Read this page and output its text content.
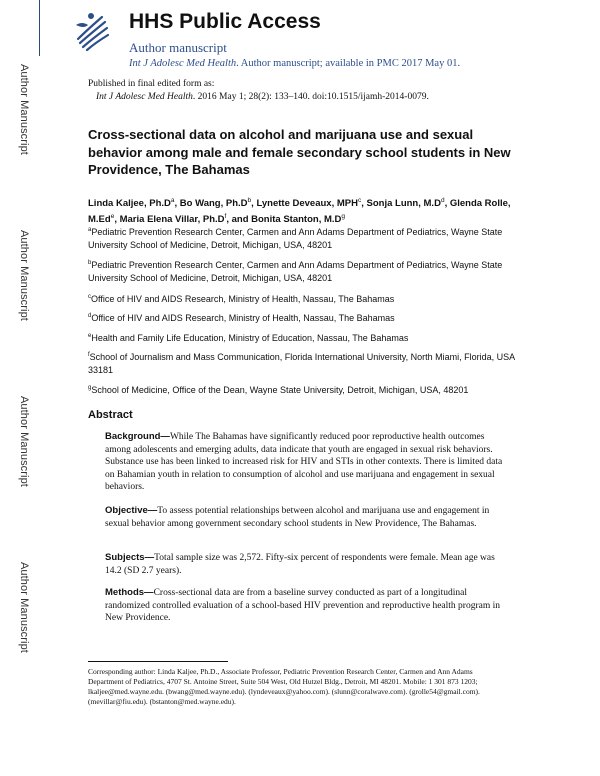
Author Manuscript
Author Manuscript
Author Manuscript
Author Manuscript
HHS Public Access
Author manuscript
Int J Adolesc Med Health. Author manuscript; available in PMC 2017 May 01.
Published in final edited form as:
Int J Adolesc Med Health. 2016 May 1; 28(2): 133–140. doi:10.1515/ijamh-2014-0079.
Cross-sectional data on alcohol and marijuana use and sexual behavior among male and female secondary school students in New Providence, The Bahamas
Linda Kaljee, $Ph.D^a$, Bo Wang, $Ph.D^b$, Lynette Deveaux, MPH$^c$, Sonja Lunn, $M.D^d$, Glenda Rolle, M.Ed$^e$, Maria Elena Villar, $Ph.D^f$, and Bonita Stanton, $M.D^g$
$^a$Pediatric Prevention Research Center, Carmen and Ann Adams Department of Pediatrics, Wayne State University School of Medicine, Detroit, Michigan, USA, 48201
$^b$Pediatric Prevention Research Center, Carmen and Ann Adams Department of Pediatrics, Wayne State University School of Medicine, Detroit, Michigan, USA, 48201
$^c$Office of HIV and AIDS Research, Ministry of Health, Nassau, The Bahamas
$^d$Office of HIV and AIDS Research, Ministry of Health, Nassau, The Bahamas
$^e$Health and Family Life Education, Ministry of Education, Nassau, The Bahamas
$^f$School of Journalism and Mass Communication, Florida International University, North Miami, Florida, USA 33181
$^g$School of Medicine, Office of the Dean, Wayne State University, Detroit, Michigan, USA, 48201
Abstract
Background—While The Bahamas have significantly reduced poor reproductive health outcomes among adolescents and emerging adults, data indicate that youth are engaged in sexual risk behaviors. Substance use has been linked to increased risk for HIV and STIs in other contexts. There is limited data on Bahamian youth in relation to consumption of alcohol and use marijuana and engagement in sexual behaviors.
Objective—To assess potential relationships between alcohol and marijuana use and engagement in sexual behavior among government secondary school students in New Providence, The Bahamas.
Subjects—Total sample size was 2,572. Fifty-six percent of respondents were female. Mean age was 14.2 (SD 2.7 years).
Methods—Cross-sectional data are from a baseline survey conducted as part of a longitudinal randomized controlled evaluation of a school-based HIV prevention and reproductive health program in New Providence.
Corresponding author: Linda Kaljee, Ph.D., Associate Professor, Pediatric Prevention Research Center, Carmen and Ann Adams Department of Pediatrics, 4707 St. Antoine Street, Suite 504 West, Old Hutzel Bldg., Detroit, MI 48201. Mobile: 1 301 873 1203; lkaljee@med.wayne.edu. (bwang@med.wayne.edu). (lyndeveaux@yahoo.com). (slunn@coralwave.com). (grolle54@gmail.com). (mevillar@fiu.edu). (bstanton@med.wayne.edu).
